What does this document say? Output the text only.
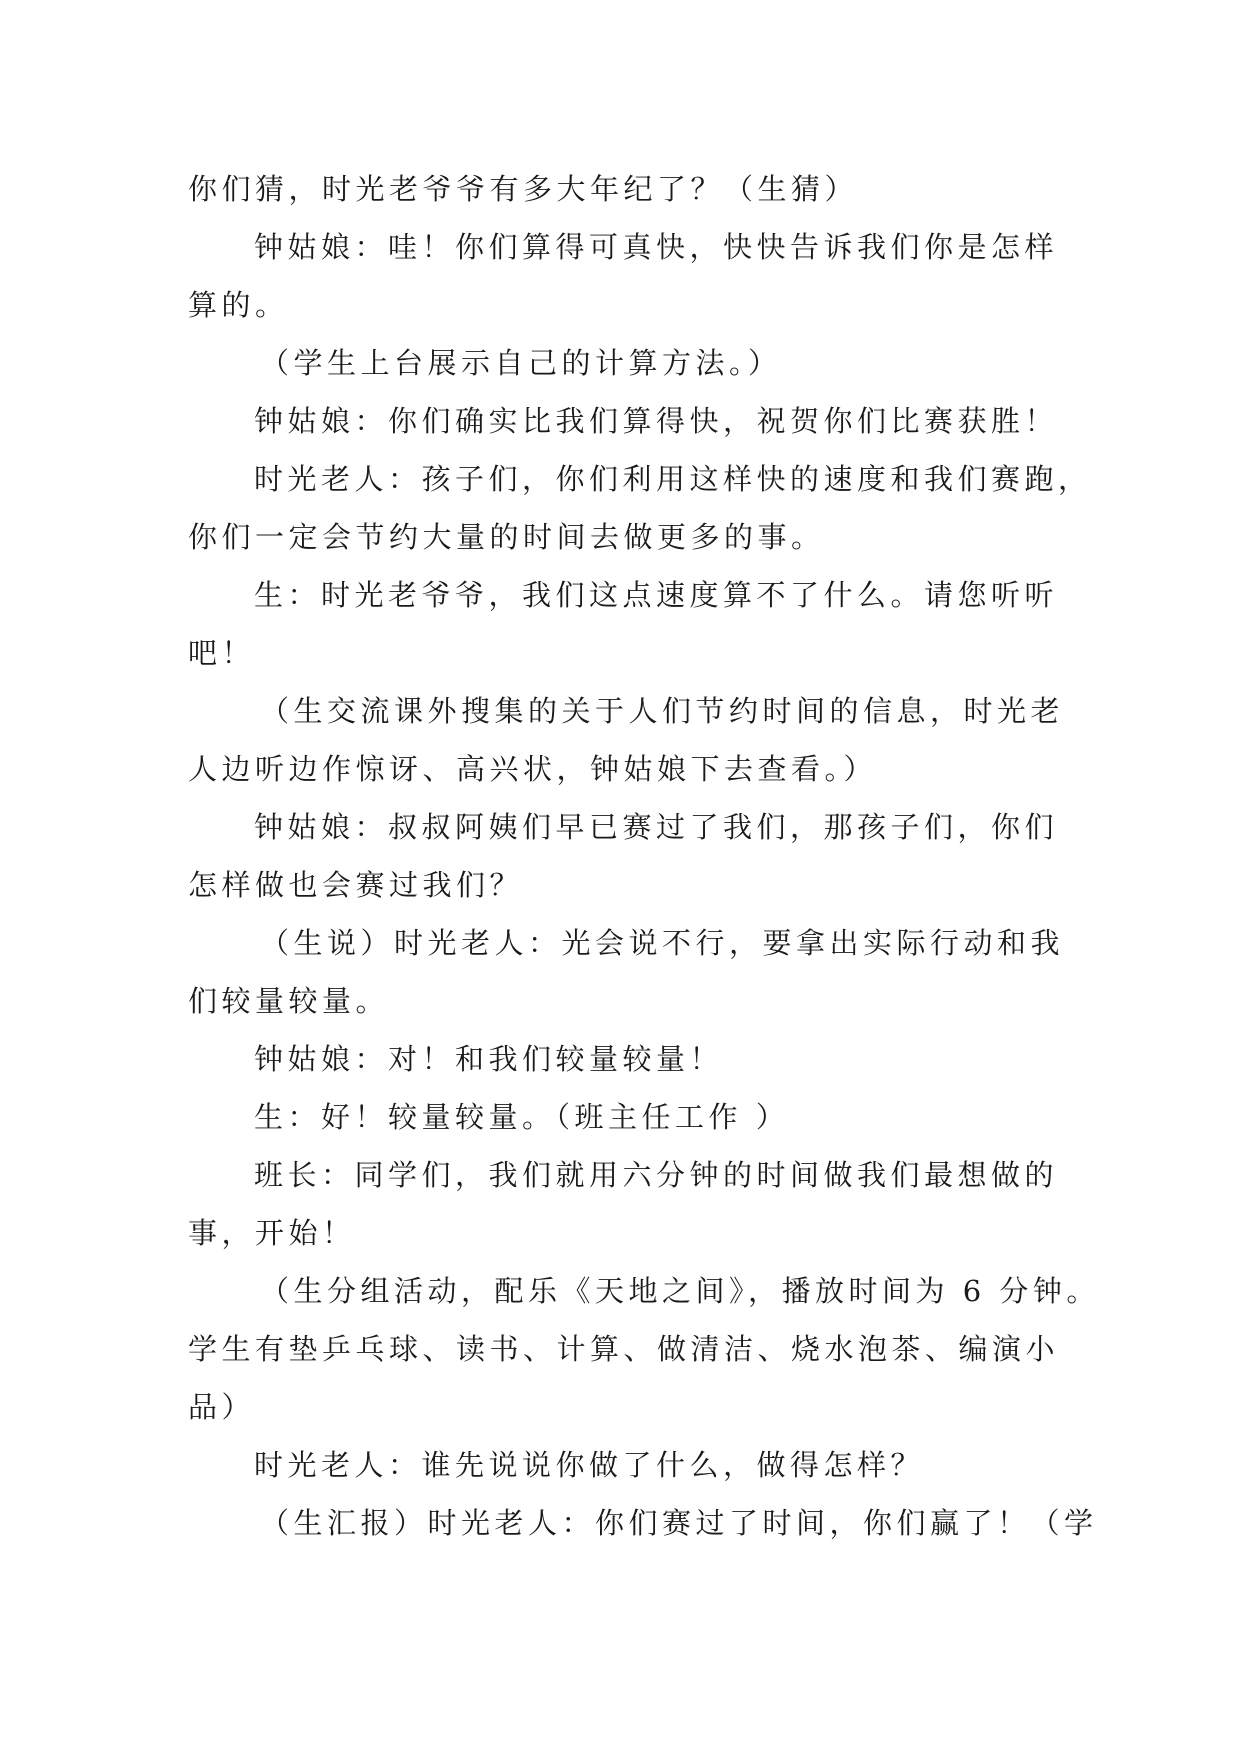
你们猜，时光老爷爷有多大年纪了？（生猜）
钟姑娘：哇！你们算得可真快，快快告诉我们你是怎样
算的。
（学生上台展示自己的计算方法。）
钟姑娘：你们确实比我们算得快，祝贺你们比赛获胜！
时光老人：孩子们，你们利用这样快的速度和我们赛跑，
你们一定会节约大量的时间去做更多的事。
生：时光老爷爷，我们这点速度算不了什么。请您听听
吧！
（生交流课外搜集的关于人们节约时间的信息，时光老
人边听边作惊讶、高兴状，钟姑娘下去查看。）
钟姑娘：叔叔阿姨们早已赛过了我们，那孩子们，你们
怎样做也会赛过我们？
（生说）时光老人：光会说不行，要拿出实际行动和我
们较量较量。
钟姑娘：对！和我们较量较量！
生：好！较量较量。（班主任工作 ）
班长：同学们，我们就用六分钟的时间做我们最想做的
事，开始！
（生分组活动，配乐《天地之间》，播放时间为 6 分钟。
学生有垫乒乓球、读书、计算、做清洁、烧水泡茶、编演小
品）
时光老人：谁先说说你做了什么，做得怎样？
（生汇报）时光老人：你们赛过了时间，你们赢了！（学
